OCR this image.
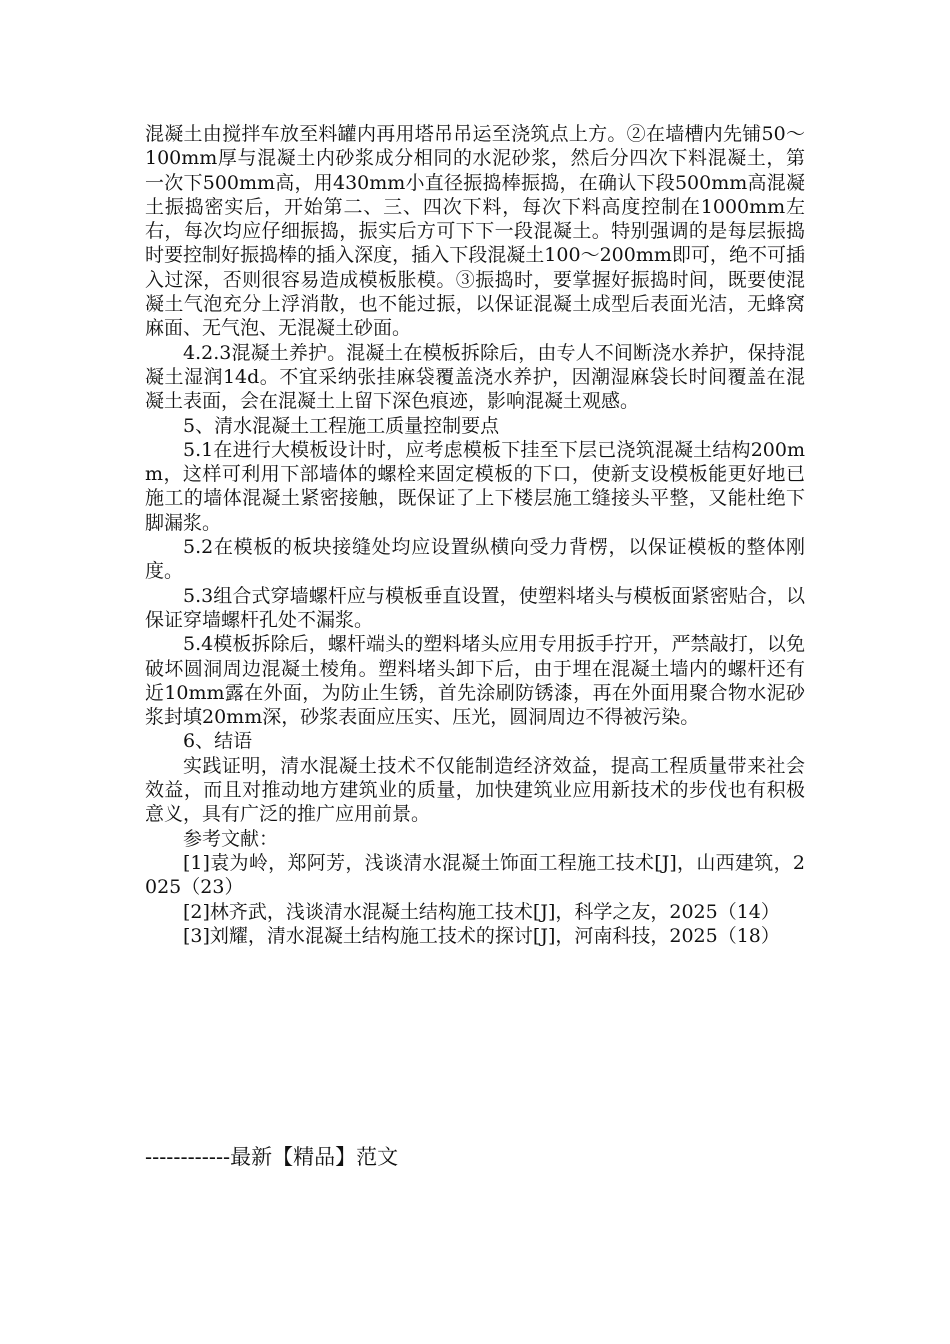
混凝土由搅拌车放至料罐内再用塔吊吊运至浇筑点上方。②在墙槽内先铺50～100mm厚与混凝土内砂浆成分相同的水泥砂浆，然后分四次下料混凝土，第一次下500mm高，用430mm小直径振捣棒振捣，在确认下段500mm高混凝土振捣密实后，开始第二、三、四次下料，每次下料高度控制在1000mm左右，每次均应仔细振捣，振实后方可下下一段混凝土。特别强调的是每层振捣时要控制好振捣棒的插入深度，插入下段混凝土100～200mm即可，绝不可插入过深，否则很容易造成模板胀模。③振捣时，要掌握好振捣时间，既要使混凝土气泡充分上浮消散，也不能过振，以保证混凝土成型后表面光洁，无蜂窝麻面、无气泡、无混凝土砂面。

4.2.3混凝土养护。混凝土在模板拆除后，由专人不间断浇水养护，保持混凝土湿润14d。不宜采纳张挂麻袋覆盖浇水养护，因潮湿麻袋长时间覆盖在混凝土表面，会在混凝土上留下深色痕迹，影响混凝土观感。

5、清水混凝土工程施工质量控制要点

5.1在进行大模板设计时，应考虑模板下挂至下层已浇筑混凝土结构200mm，这样可利用下部墙体的螺栓来固定模板的下口，使新支设模板能更好地已施工的墙体混凝土紧密接触，既保证了上下楼层施工缝接头平整，又能杜绝下脚漏浆。

5.2在模板的板块接缝处均应设置纵横向受力背楞，以保证模板的整体刚度。

5.3组合式穿墙螺杆应与模板垂直设置，使塑料堵头与模板面紧密贴合，以保证穿墙螺杆孔处不漏浆。

5.4模板拆除后，螺杆端头的塑料堵头应用专用扳手拧开，严禁敲打，以免破坏圆洞周边混凝土棱角。塑料堵头卸下后，由于埋在混凝土墙内的螺杆还有近10mm露在外面，为防止生锈，首先涂刷防锈漆，再在外面用聚合物水泥砂浆封填20mm深，砂浆表面应压实、压光，圆洞周边不得被污染。

6、结语

实践证明，清水混凝土技术不仅能制造经济效益，提高工程质量带来社会效益，而且对推动地方建筑业的质量，加快建筑业应用新技术的步伐也有积极意义，具有广泛的推广应用前景。

参考文献：

[1]袁为岭，郑阿芳，浅谈清水混凝土饰面工程施工技术[J]，山西建筑，2025（23）

[2]林齐武，浅谈清水混凝土结构施工技术[J]，科学之友，2025（14）

[3]刘耀，清水混凝土结构施工技术的探讨[J]，河南科技，2025（18）

------------最新【精品】范文
